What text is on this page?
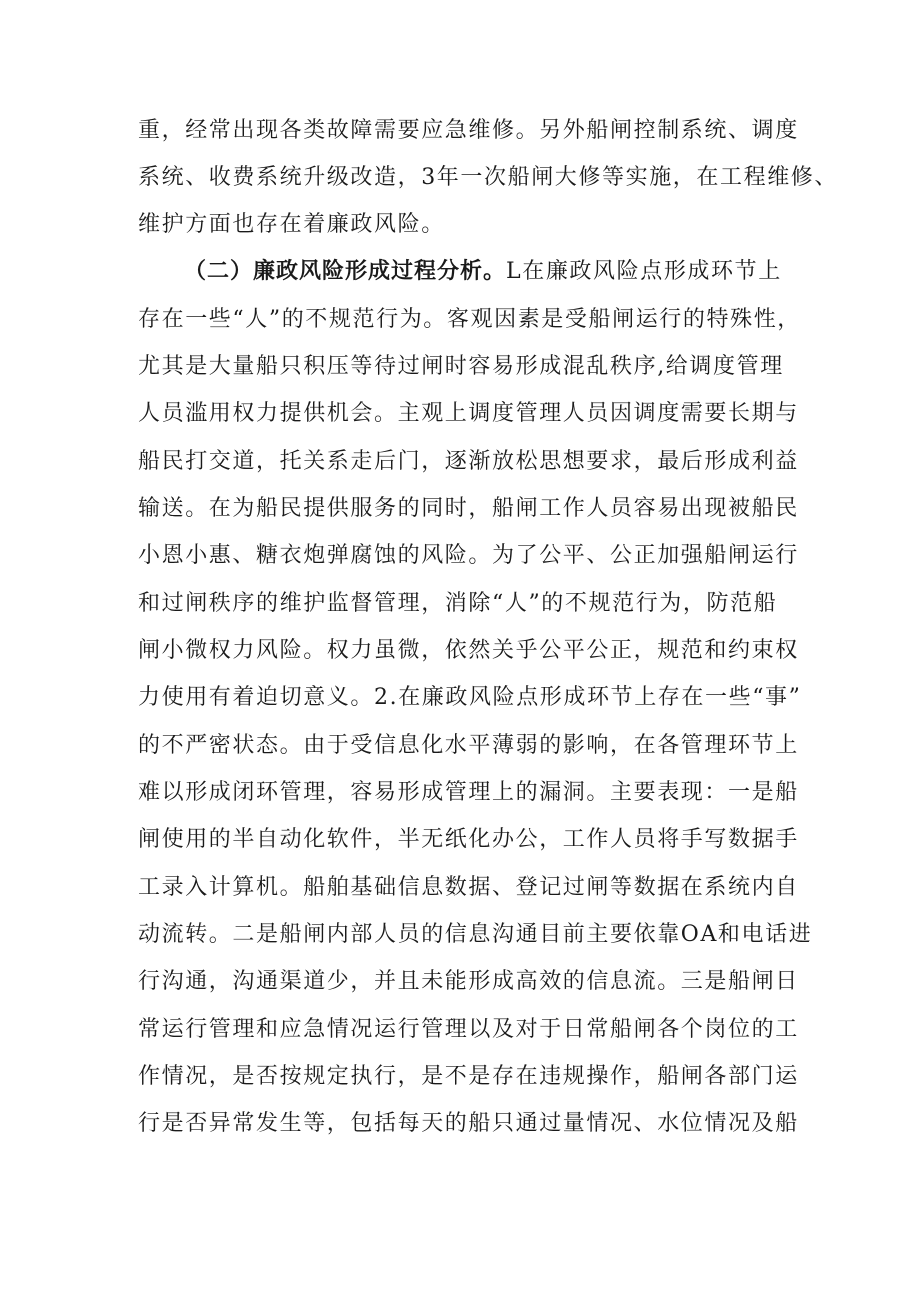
重，经常出现各类故障需要应急维修。另外船闸控制系统、调度
系统、收费系统升级改造，3年一次船闸大修等实施，在工程维修、
维护方面也存在着廉政风险。
（二）廉政风险形成过程分析。L在廉政风险点形成环节上
存在一些“人”的不规范行为。客观因素是受船闸运行的特殊性，
尤其是大量船只积压等待过闸时容易形成混乱秩序,给调度管理
人员滥用权力提供机会。主观上调度管理人员因调度需要长期与
船民打交道，托关系走后门，逐渐放松思想要求，最后形成利益
输送。在为船民提供服务的同时，船闸工作人员容易出现被船民
小恩小惠、糖衣炮弹腐蚀的风险。为了公平、公正加强船闸运行
和过闸秩序的维护监督管理，消除“人”的不规范行为，防范船
闸小微权力风险。权力虽微，依然关乎公平公正，规范和约束权
力使用有着迫切意义。2.在廉政风险点形成环节上存在一些“事”
的不严密状态。由于受信息化水平薄弱的影响，在各管理环节上
难以形成闭环管理，容易形成管理上的漏洞。主要表现：一是船
闸使用的半自动化软件，半无纸化办公，工作人员将手写数据手
工录入计算机。船舶基础信息数据、登记过闸等数据在系统内自
动流转。二是船闸内部人员的信息沟通目前主要依靠OA和电话进
行沟通，沟通渠道少，并且未能形成高效的信息流。三是船闸日
常运行管理和应急情况运行管理以及对于日常船闸各个岗位的工
作情况，是否按规定执行，是不是存在违规操作，船闸各部门运
行是否异常发生等，包括每天的船只通过量情况、水位情况及船
